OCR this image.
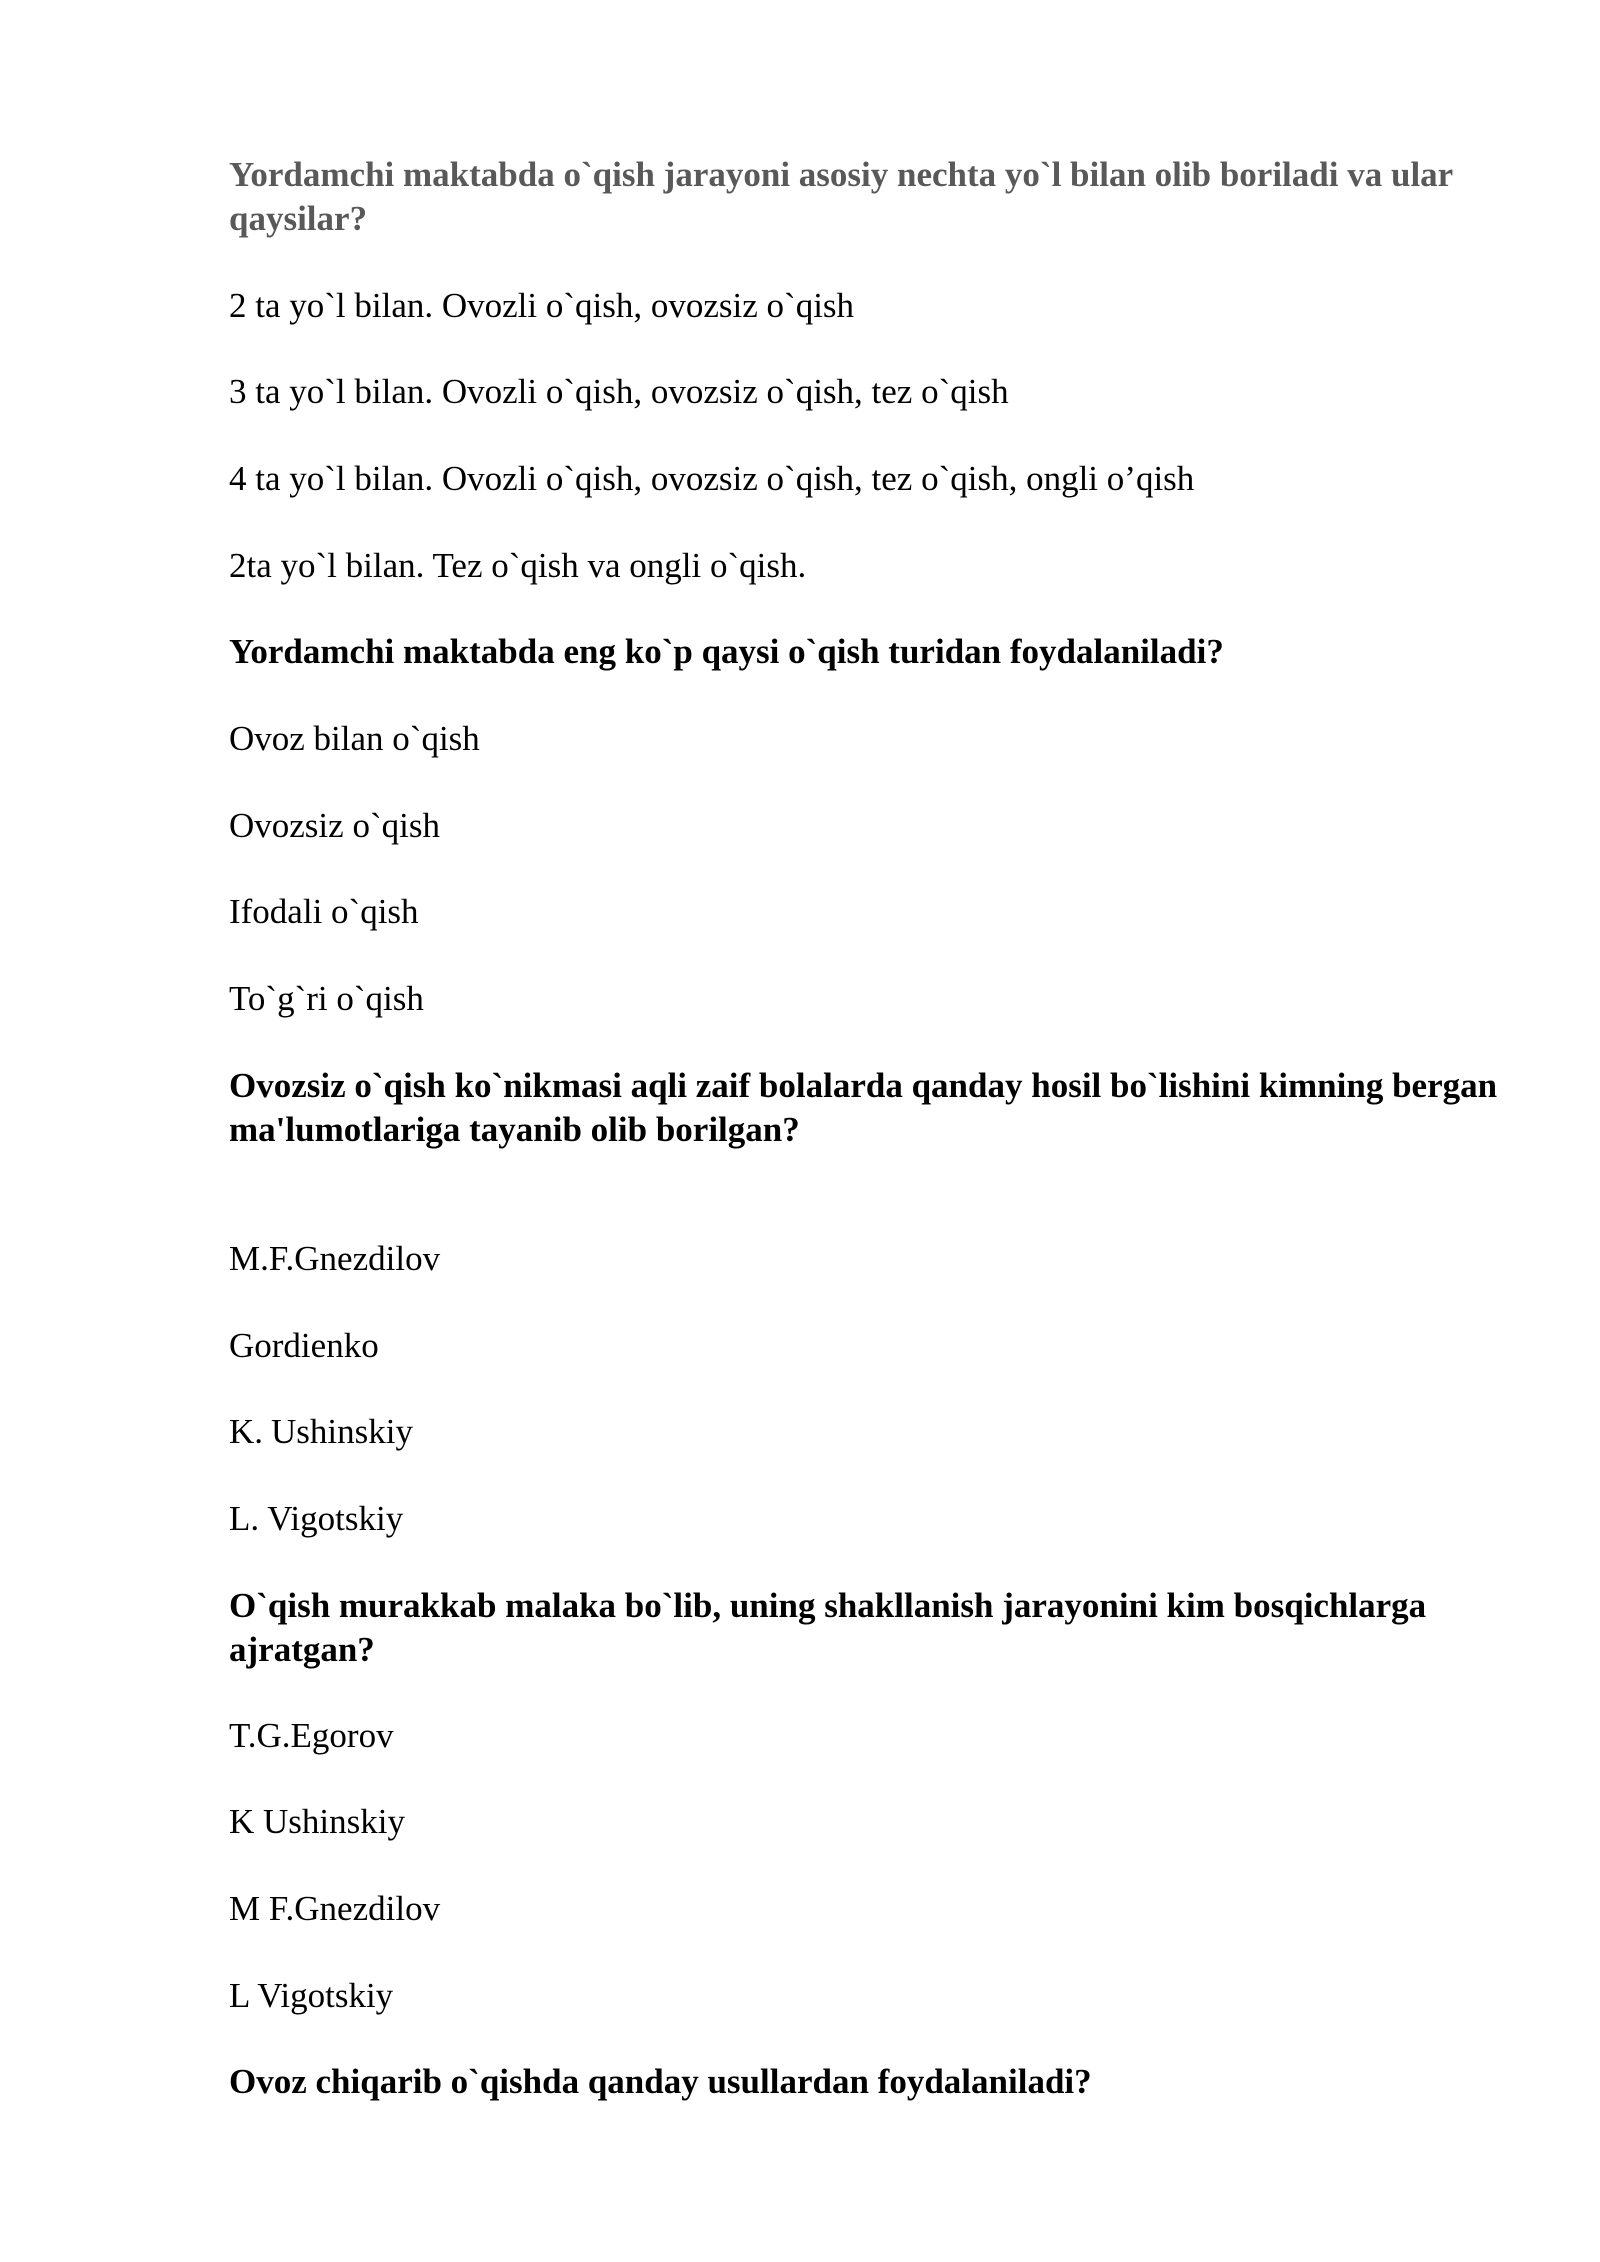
Yordamchi maktabda o`qish jarayoni asosiy nechta yo`l bilan olib boriladi va ular qaysilar?

2 ta yo`l bilan. Ovozli o`qish, ovozsiz o`qish

3 ta yo`l bilan. Ovozli o`qish, ovozsiz o`qish, tez o`qish

4 ta yo`l bilan. Ovozli o`qish, ovozsiz o`qish, tez o`qish, ongli o’qish

2ta yo`l bilan. Tez o`qish va ongli o`qish.

Yordamchi maktabda eng ko`p qaysi o`qish turidan foydalaniladi?

Ovoz bilan o`qish

Ovozsiz o`qish

Ifodali o`qish

To`g`ri o`qish

Ovozsiz o`qish ko`nikmasi aqli zaif bolalarda qanday hosil bo`lishini kimning bergan ma'lumotlariga tayanib olib borilgan?

M.F.Gnezdilov

Gordienko

K. Ushinskiy

L. Vigotskiy

O`qish murakkab malaka bo`lib, uning shakllanish jarayonini kim bosqichlarga ajratgan?

T.G.Egorov

K Ushinskiy

M F.Gnezdilov

L Vigotskiy

Ovoz chiqarib o`qishda qanday usullardan foydalaniladi?
